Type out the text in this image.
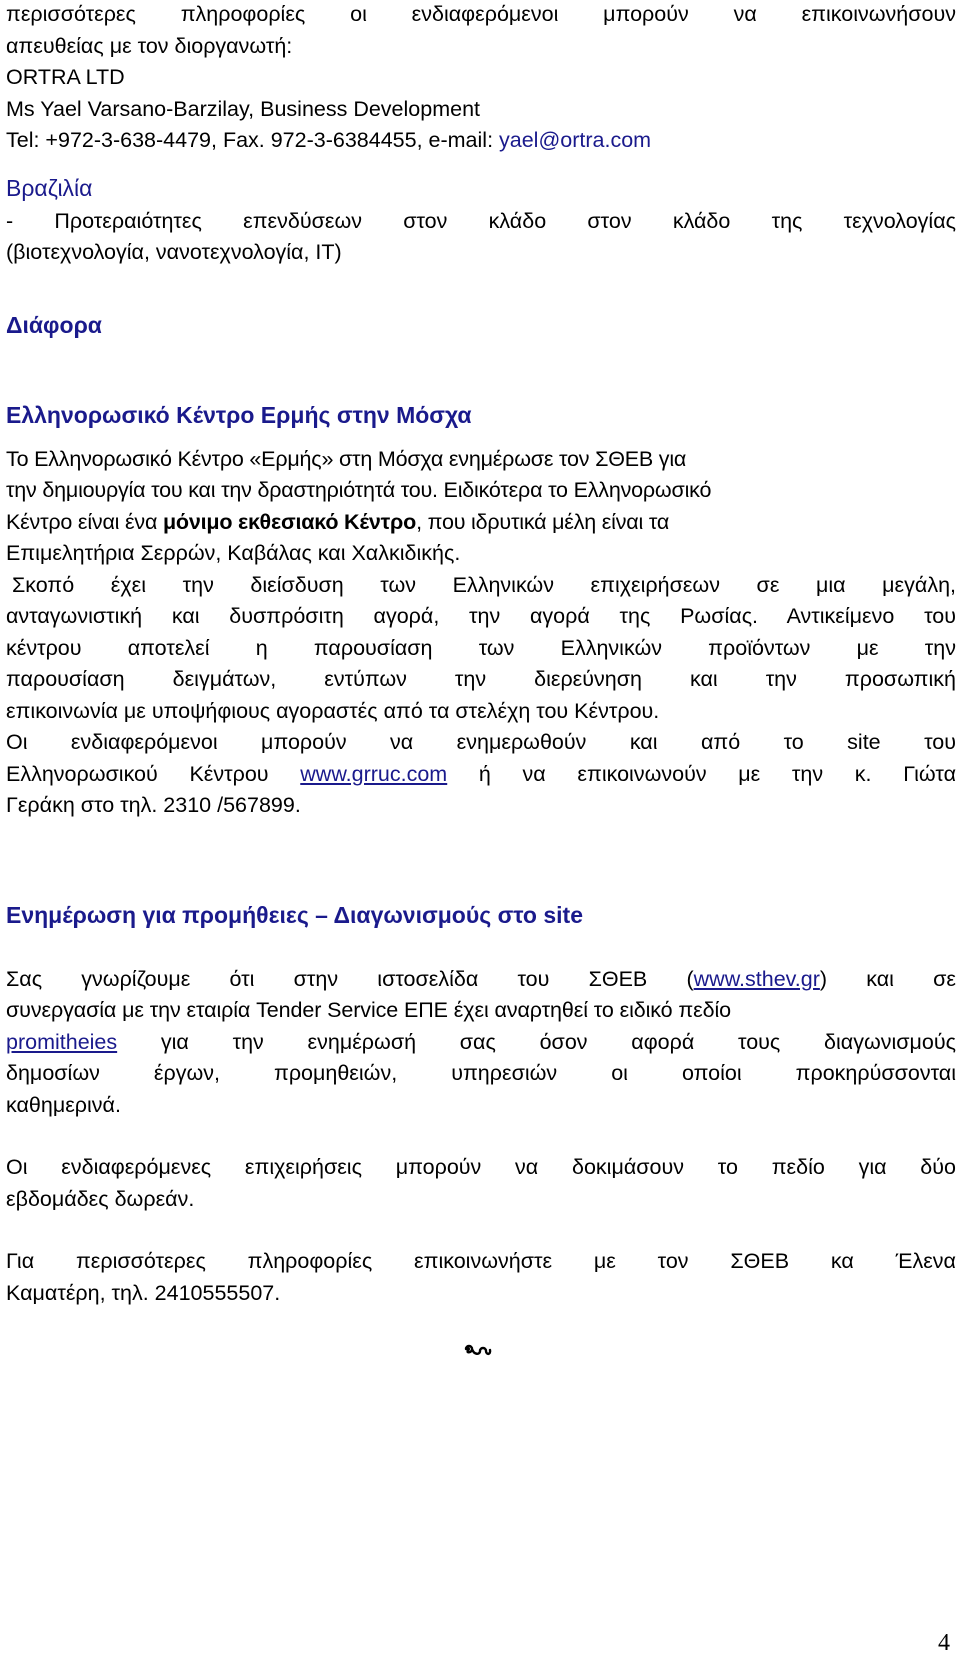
περισσότερες πληροφορίες οι ενδιαφερόμενοι μπορούν να επικοινωνήσουν
απευθείας με τον διοργανωτή:
ORTRA LTD
Ms Yael Varsano-Barzilay, Business Development
Tel: +972-3-638-4479, Fax. 972-3-6384455, e-mail: yael@ortra.com
Βραζιλία
- Προτεραιότητες επενδύσεων στον κλάδο στον κλάδο της τεχνολογίας
(βιοτεχνολογία, νανοτεχνολογία, ΙΤ)
Διάφορα
Ελληνορωσικό Κέντρο Ερμής στην Μόσχα
Το Ελληνορωσικό Κέντρο «Ερμής» στη Μόσχα ενημέρωσε τον ΣΘΕΒ για
την δημιουργία του και την δραστηριότητά του. Ειδικότερα το Ελληνορωσικό
Κέντρο είναι ένα μόνιμο εκθεσιακό Κέντρο, που ιδρυτικά μέλη είναι τα
Επιμελητήρια Σερρών, Καβάλας και Χαλκιδικής.
Σκοπό έχει την διείσδυση των Ελληνικών επιχειρήσεων σε μια μεγάλη,
ανταγωνιστική και δυσπρόσιτη αγορά, την αγορά της Ρωσίας. Αντικείμενο του
κέντρου αποτελεί η παρουσίαση των Ελληνικών προϊόντων με την
παρουσίαση δειγμάτων, εντύπων την διερεύνηση και την προσωπική
επικοινωνία με υποψήφιους αγοραστές από τα στελέχη του Κέντρου.
Οι ενδιαφερόμενοι μπορούν να ενημερωθούν και από το site του
Ελληνορωσικού Κέντρου www.grruc.com ή να επικοινωνούν με την κ. Γιώτα
Γεράκη στο τηλ. 2310 /567899.
Ενημέρωση για προμήθειες – Διαγωνισμούς στο site
Σας γνωρίζουμε ότι στην ιστοσελίδα του ΣΘΕΒ (www.sthev.gr) και σε
συνεργασία με την εταιρία Tender Service ΕΠΕ έχει αναρτηθεί το ειδικό πεδίο
promitheies για την ενημέρωσή σας όσον αφορά τους διαγωνισμούς
δημοσίων έργων, προμηθειών, υπηρεσιών οι οποίοι προκηρύσσονται
καθημερινά.
Οι ενδιαφερόμενες επιχειρήσεις μπορούν να δοκιμάσουν το πεδίο για δύο
εβδομάδες δωρεάν.
Για περισσότερες πληροφορίες επικοινωνήστε με τον ΣΘΕΒ κα Έλενα
Καματέρη, τηλ. 2410555507.
4
